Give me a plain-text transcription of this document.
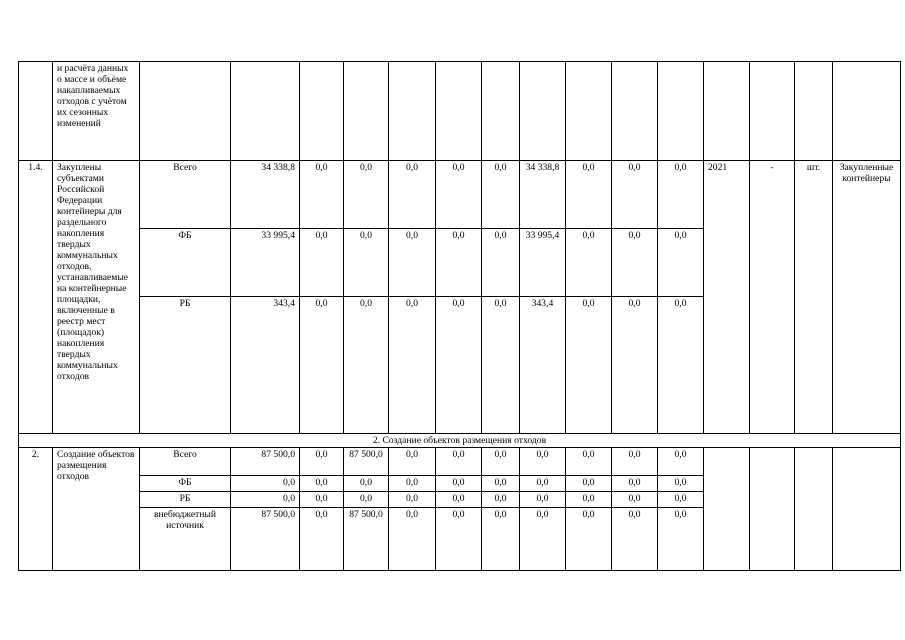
	и расчёта данных о массе и объёме накапливаемых отходов с учётом их сезонных изменений															
1.4.	Закуплены субъектами Российской Федерации контейнеры для раздельного накопления твердых коммунальных отходов, устанавливаемые на контейнерные площадки, включенные в реестр мест (площадок) накопления твердых коммунальных отходов	Всего	34 338,8	0,0	0,0	0,0	0,0	0,0	34 338,8	0,0	0,0	0,0	2021	-	шт.	Закупленные контейнеры
		ФБ	33 995,4	0,0	0,0	0,0	0,0	0,0	33 995,4	0,0	0,0	0,0				
		РБ	343,4	0,0	0,0	0,0	0,0	0,0	343,4	0,0	0,0	0,0				
2. Создание объектов размещения отходов																
2.	Создание объектов размещения отходов	Всего	87 500,0	0,0	87 500,0	0,0	0,0	0,0	0,0	0,0	0,0	0,0				
		ФБ	0,0	0,0	0,0	0,0	0,0	0,0	0,0	0,0	0,0	0,0				
		РБ	0,0	0,0	0,0	0,0	0,0	0,0	0,0	0,0	0,0	0,0				
		внебюджетный источник	87 500,0	0,0	87 500,0	0,0	0,0	0,0	0,0	0,0	0,0	0,0				
